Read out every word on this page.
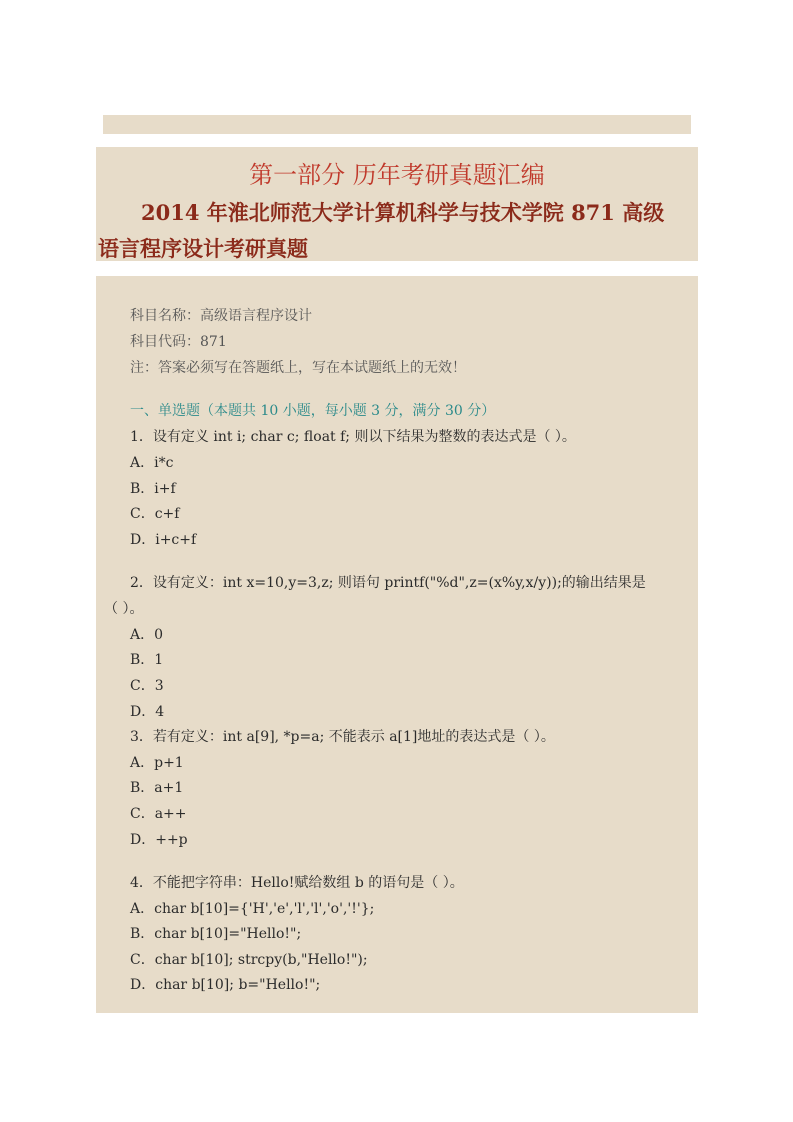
第一部分 历年考研真题汇编
2014 年淮北师范大学计算机科学与技术学院 871 高级
语言程序设计考研真题
科目名称：高级语言程序设计
科目代码：871
注：答案必须写在答题纸上，写在本试题纸上的无效！
一、单选题（本题共 10 小题，每小题 3 分，满分 30 分）
1．设有定义 int i; char c; float f; 则以下结果为整数的表达式是（ ）。
A．i*c
B．i+f
C．c+f
D．i+c+f
2．设有定义：int x=10,y=3,z; 则语句 printf("%d",z=(x%y,x/y));的输出结果是
（ ）。
A．0
B．1
C．3
D．4
3．若有定义：int a[9], *p=a; 不能表示 a[1]地址的表达式是（ ）。
A．p+1
B．a+1
C．a++
D．++p
4．不能把字符串：Hello!赋给数组 b 的语句是（ ）。
A．char b[10]={'H','e','l','l','o','!'};
B．char b[10]="Hello!";
C．char b[10]; strcpy(b,"Hello!");
D．char b[10]; b="Hello!";
